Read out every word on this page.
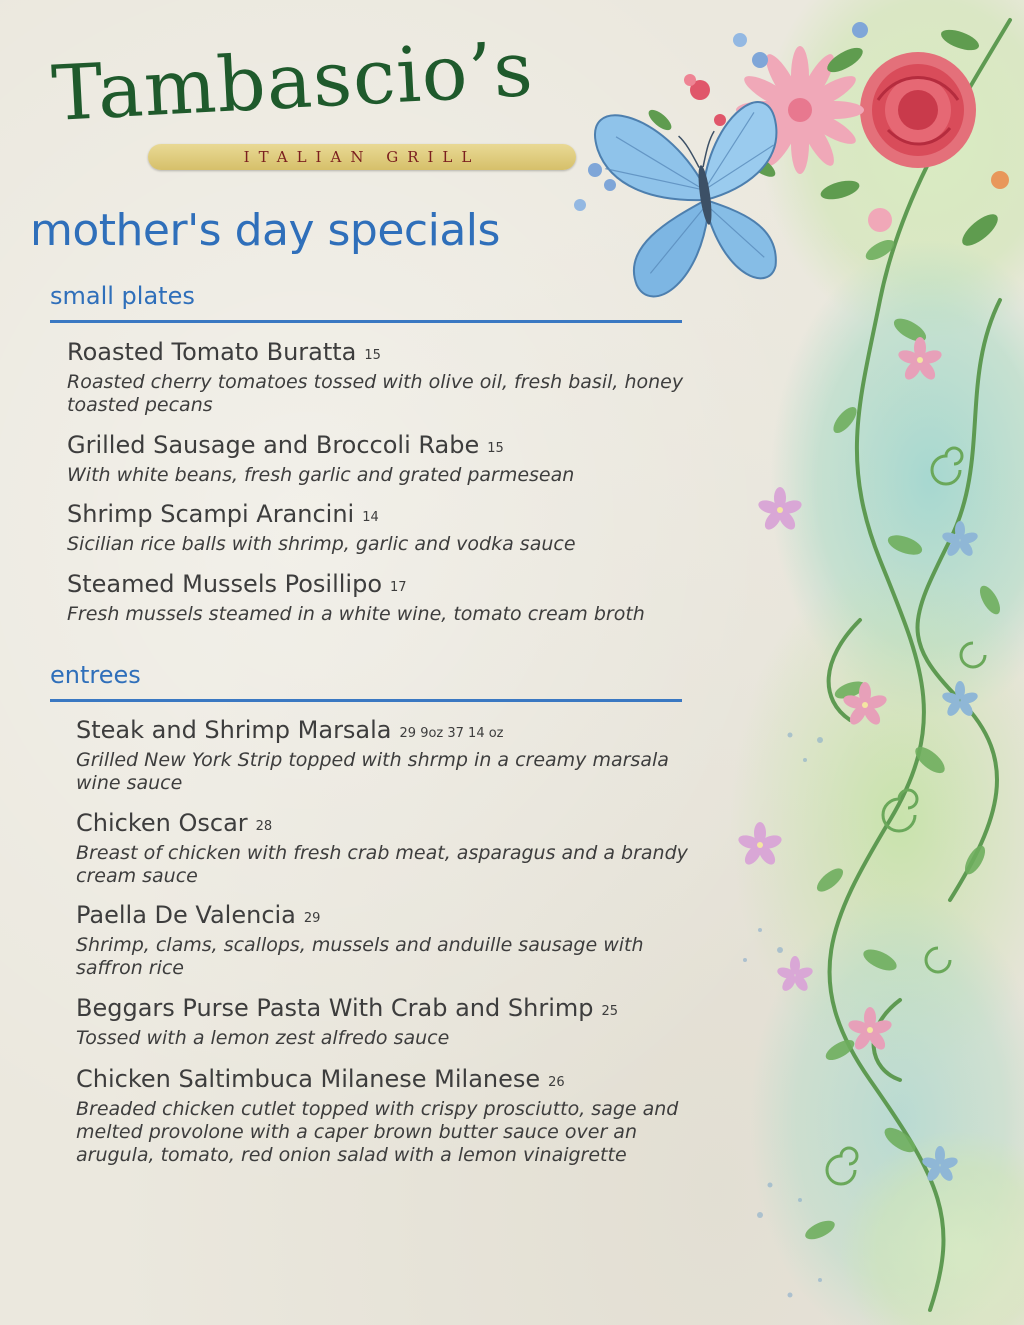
Tambascio’s
ITALIAN GRILL
mother's day specials
small plates
Roasted Tomato Buratta 15
Roasted cherry tomatoes tossed with olive oil, fresh basil, honey toasted pecans
Grilled Sausage and Broccoli Rabe 15
With white beans, fresh garlic and grated parmesean
Shrimp Scampi Arancini 14
Sicilian rice balls with shrimp, garlic and vodka sauce
Steamed Mussels Posillipo 17
Fresh mussels steamed in a white wine, tomato cream broth
entrees
Steak and Shrimp Marsala 29 9oz 37 14 oz
Grilled New York Strip topped with shrmp in a creamy marsala wine sauce
Chicken Oscar 28
Breast of chicken with fresh crab meat, asparagus and a brandy cream sauce
Paella De Valencia 29
Shrimp, clams, scallops, mussels and anduille sausage with saffron rice
Beggars Purse Pasta With Crab and Shrimp 25
Tossed with a lemon zest alfredo sauce
Chicken Saltimbuca Milanese Milanese 26
Breaded chicken cutlet topped with crispy prosciutto, sage and melted provolone with a caper brown butter sauce over an arugula, tomato, red onion salad with a lemon vinaigrette
